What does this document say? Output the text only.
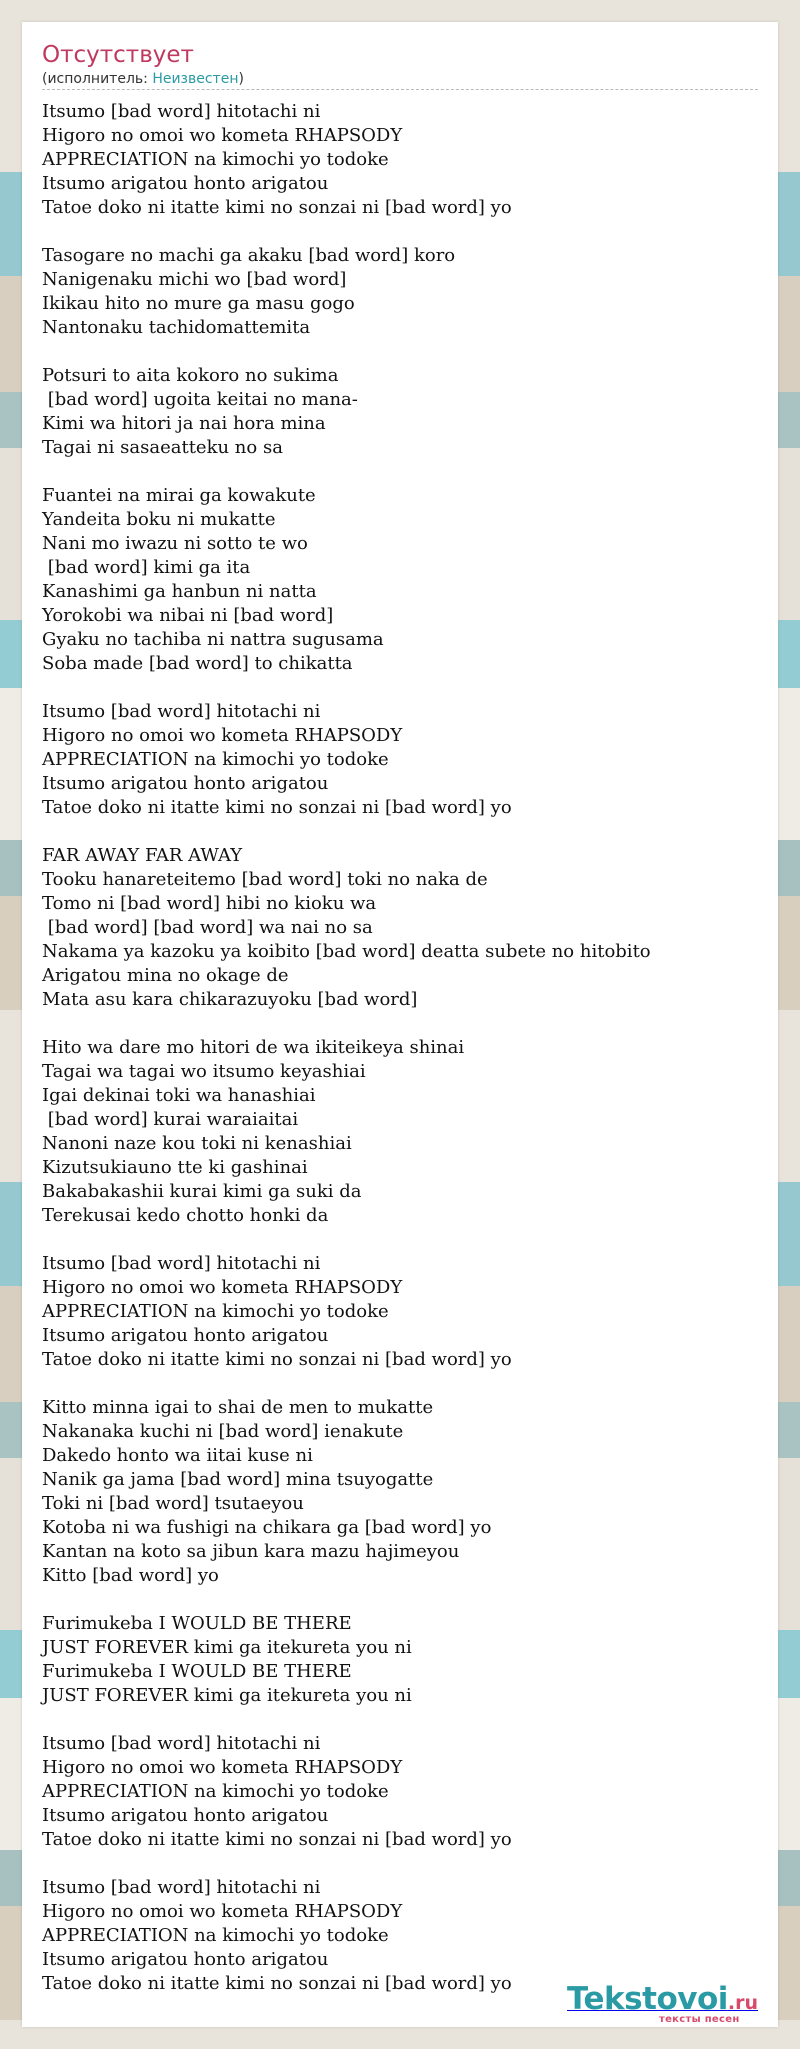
Отсутствует
(исполнитель: Неизвестен)
Itsumo [bad word] hitotachi ni
Higoro no omoi wo kometa RHAPSODY
APPRECIATION na kimochi yo todoke
Itsumo arigatou honto arigatou
Tatoe doko ni itatte kimi no sonzai ni [bad word] yo
Tasogare no machi ga akaku [bad word] koro
Nanigenaku michi wo [bad word]
Ikikau hito no mure ga masu gogo
Nantonaku tachidomattemita
Potsuri to aita kokoro no sukima
[bad word] ugoita keitai no mana-
Kimi wa hitori ja nai hora mina
Tagai ni sasaeatteku no sa
Fuantei na mirai ga kowakute
Yandeita boku ni mukatte
Nani mo iwazu ni sotto te wo
[bad word] kimi ga ita
Kanashimi ga hanbun ni natta
Yorokobi wa nibai ni [bad word]
Gyaku no tachiba ni nattra sugusama
Soba made [bad word] to chikatta
Itsumo [bad word] hitotachi ni
Higoro no omoi wo kometa RHAPSODY
APPRECIATION na kimochi yo todoke
Itsumo arigatou honto arigatou
Tatoe doko ni itatte kimi no sonzai ni [bad word] yo
FAR AWAY FAR AWAY
Tooku hanareteitemo [bad word] toki no naka de
Tomo ni [bad word] hibi no kioku wa
[bad word] [bad word] wa nai no sa
Nakama ya kazoku ya koibito [bad word] deatta subete no hitobito
Arigatou mina no okage de
Mata asu kara chikarazuyoku [bad word]
Hito wa dare mo hitori de wa ikiteikeya shinai
Tagai wa tagai wo itsumo keyashiai
Igai dekinai toki wa hanashiai
[bad word] kurai waraiaitai
Nanoni naze kou toki ni kenashiai
Kizutsukiauno tte ki gashinai
Bakabakashii kurai kimi ga suki da
Terekusai kedo chotto honki da
Itsumo [bad word] hitotachi ni
Higoro no omoi wo kometa RHAPSODY
APPRECIATION na kimochi yo todoke
Itsumo arigatou honto arigatou
Tatoe doko ni itatte kimi no sonzai ni [bad word] yo
Kitto minna igai to shai de men to mukatte
Nakanaka kuchi ni [bad word] ienakute
Dakedo honto wa iitai kuse ni
Nanik ga jama [bad word] mina tsuyogatte
Toki ni [bad word] tsutaeyou
Kotoba ni wa fushigi na chikara ga [bad word] yo
Kantan na koto sa jibun kara mazu hajimeyou
Kitto [bad word] yo
Furimukeba I WOULD BE THERE
JUST FOREVER kimi ga itekureta you ni
Furimukeba I WOULD BE THERE
JUST FOREVER kimi ga itekureta you ni
Itsumo [bad word] hitotachi ni
Higoro no omoi wo kometa RHAPSODY
APPRECIATION na kimochi yo todoke
Itsumo arigatou honto arigatou
Tatoe doko ni itatte kimi no sonzai ni [bad word] yo
Itsumo [bad word] hitotachi ni
Higoro no omoi wo kometa RHAPSODY
APPRECIATION na kimochi yo todoke
Itsumo arigatou honto arigatou
Tatoe doko ni itatte kimi no sonzai ni [bad word] yo	Tekstovoi.ru
тексты песен
